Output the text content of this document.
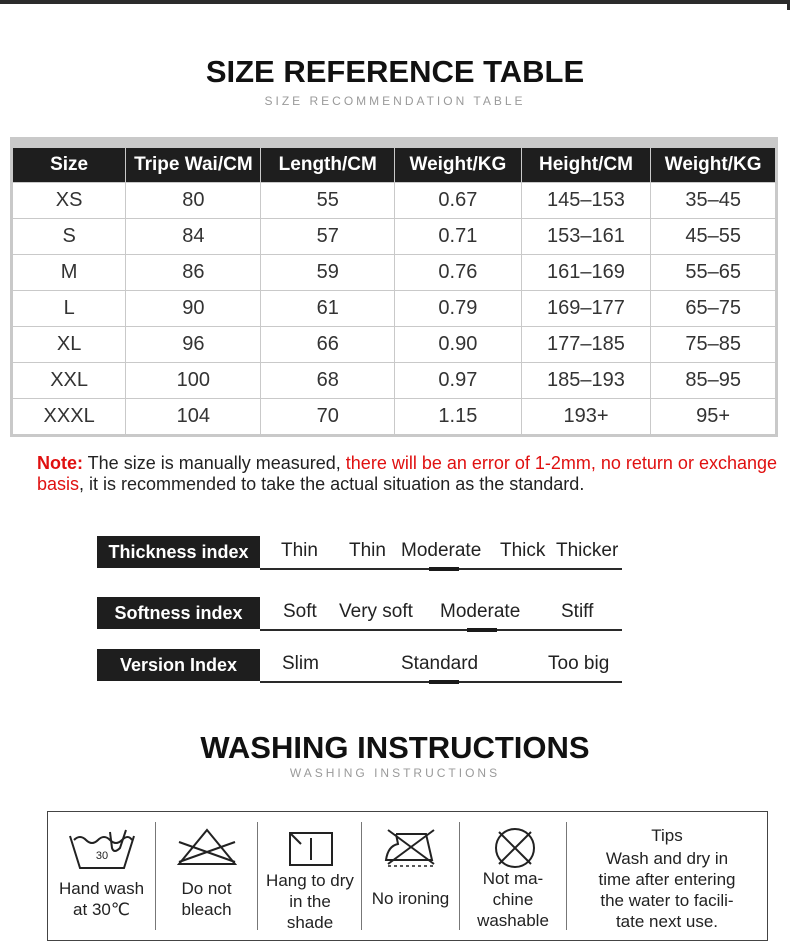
SIZE REFERENCE TABLE
SIZE RECOMMENDATION TABLE
Size	Tripe Wai/CM	Length/CM	Weight/KG	Height/CM	Weight/KG
XS	80	55	0.67	145–153	35–45
S	84	57	0.71	153–161	45–55
M	86	59	0.76	161–169	55–65
L	90	61	0.79	169–177	65–75
XL	96	66	0.90	177–185	75–85
XXL	100	68	0.97	185–193	85–95
XXXL	104	70	1.15	193+	95+
Note: The size is manually measured, there will be an error of 1-2mm, no return or exchange basis, it is recommended to take the actual situation as the standard.
Thickness index	Thin Thin Moderate Thick Thicker
Softness index	Soft Very soft Moderate Stiff
Version Index	Slim	Standard	Too big
WASHING INSTRUCTIONS
WASHING INSTRUCTIONS
30
Hand wash
at 30℃
Do not
bleach
Hang to dry
in the
shade
No ironing
Not ma-
chine
washable
Tips
Wash and dry in
time after entering
the water to facili-
tate next use.
